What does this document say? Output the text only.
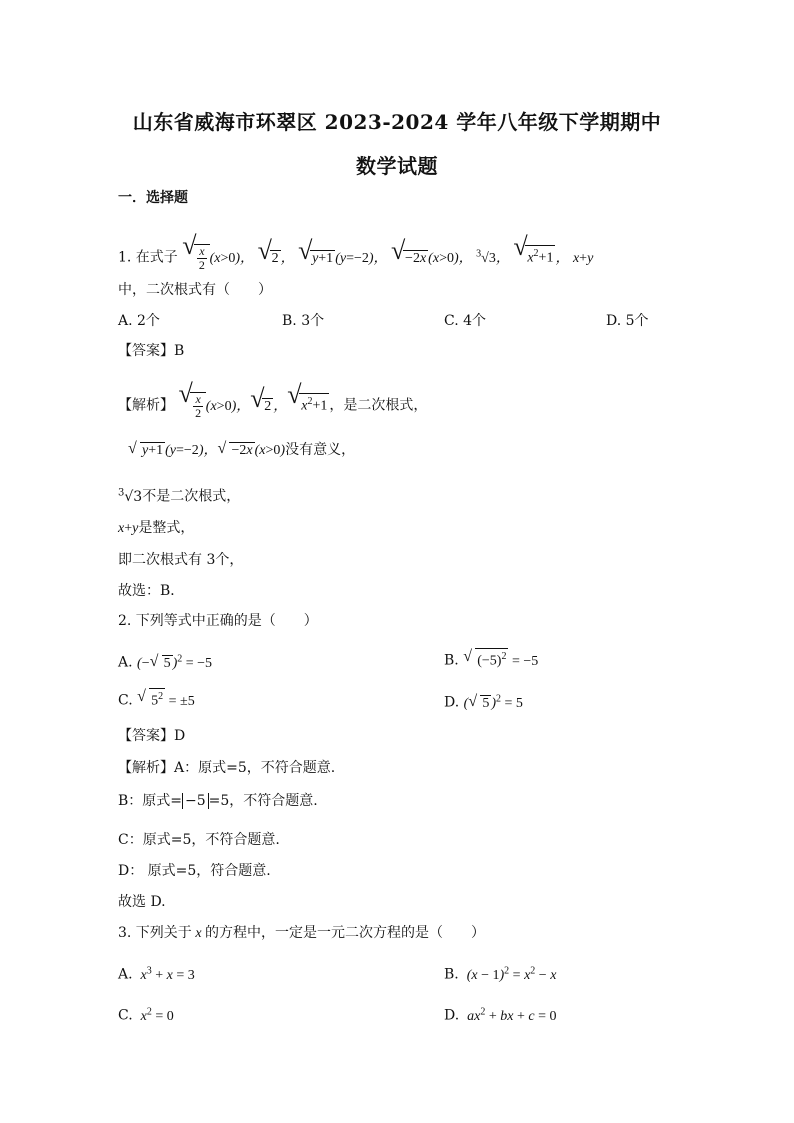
山东省威海市环翠区 2023-2024 学年八年级下学期期中
数学试题
一．选择题
1. 在式子 √ $\frac{x}{2} (x>0)$， √ 2 ， √ y+1 (y=−2)， √ −2x (x>0)， $^3$√3， √ $x^2+1$ ， x+y
中，二次根式有（　　）
A. 2个	B. 3个	C. 4个	D. 5个
【答案】B
【解析】 √ $\frac{x}{2} (x>0)$， √ 2 ， √ $x^2+1$ ，是二次根式，
√ y+1 (y=−2)， √ −2x (x>0)没有意义，
$^3$√3不是二次根式，
x+y是整式，
即二次根式有 3个，
故选：B．
2. 下列等式中正确的是（　　）
A. (− √ 5 )$^2$ = −5	B. √ $(-5)^2 = -5$
C. √ $5^2 = \pm 5$	D. ( √ 5 )$^2$ = 5
【答案】D
【解析】A：原式=5，不符合题意.
B：原式= −5 =5，不符合题意.
C：原式=5，不符合题意.
D： 原式=5，符合题意.
故选 D.
3. 下列关于 x 的方程中，一定是一元二次方程的是（　　）
A.  $x^3 + x = 3$	B.  $(x - 1)^2 = x^2 - x$
C.  $x^2 = 0$	D.  $ax^2$ + bx + c = 0
